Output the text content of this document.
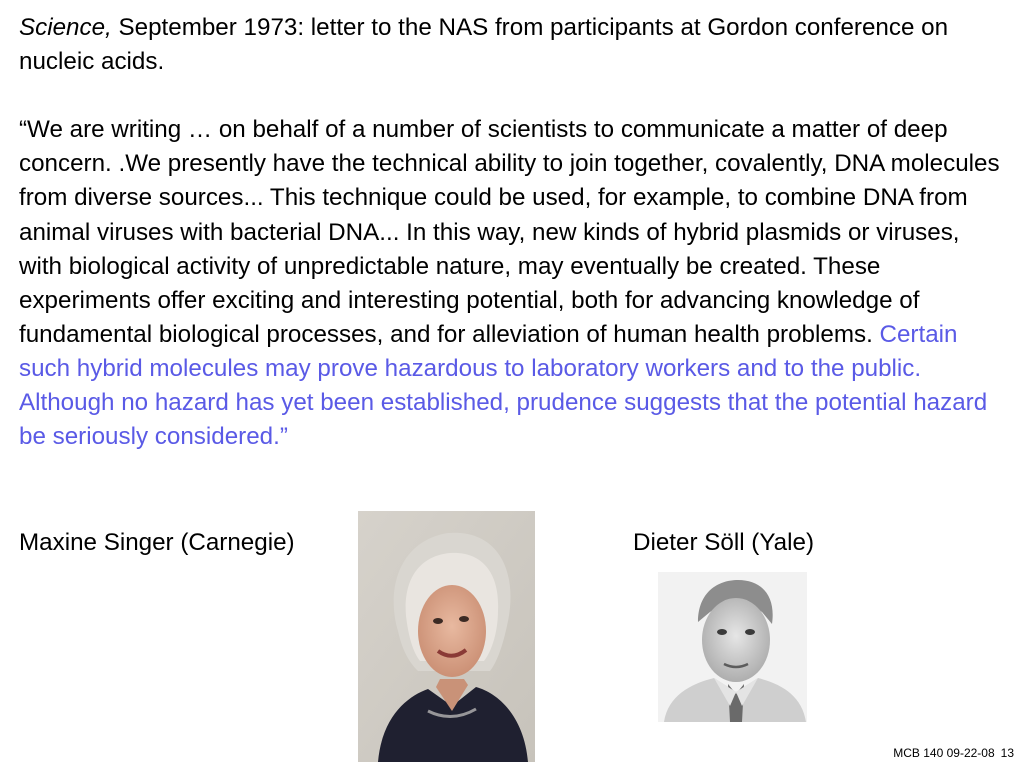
Science, September 1973: letter to the NAS from participants at Gordon conference on nucleic acids.

“We are writing … on behalf of a number of scientists to communicate a matter of deep concern. .We presently have the technical ability to join together, covalently, DNA molecules from diverse sources... This technique could be used, for example, to combine DNA from animal viruses with bacterial DNA... In this way, new kinds of hybrid plasmids or viruses, with biological activity of unpredictable nature, may eventually be created. These experiments offer exciting and interesting potential, both for advancing knowledge of fundamental biological processes, and for alleviation of human health problems. Certain such hybrid molecules may prove hazardous to laboratory workers and to the public. Although no hazard has yet been established, prudence suggests that the potential hazard be seriously considered.”

Maxine Singer (Carnegie)	Dieter Söll (Yale)
MCB 140 09-22-08 13
